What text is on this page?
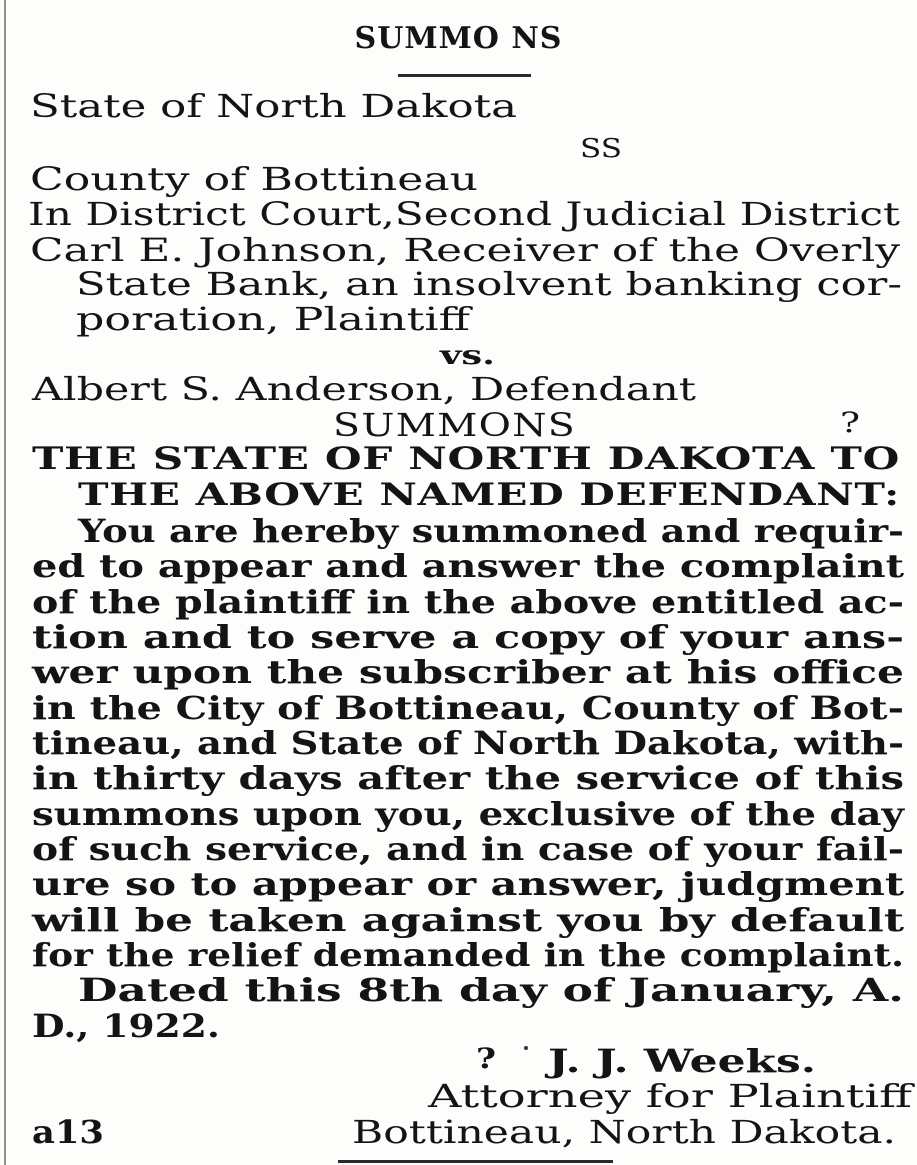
SUMMO NS
State of North Dakota
SS
County of Bottineau
In District Court,Second Judicial District
Carl E. Johnson, Receiver of the Overly
State Bank, an insolvent banking cor-
poration, Plaintiff
vs.
Albert S. Anderson, Defendant
SUMMONS	?
THE STATE OF NORTH DAKOTA TO
THE ABOVE NAMED DEFENDANT:
You are hereby summoned and requir-
ed to appear and answer the complaint
of the plaintiff in the above entitled ac-
tion and to serve a copy of your ans-
wer upon the subscriber at his office
in the City of Bottineau, County of Bot-
tineau, and State of North Dakota, with-
in thirty days after the service of this
summons upon you, exclusive of the day
of such service, and in case of your fail-
ure so to appear or answer, judgment
will be taken against you by default
for the relief demanded in the complaint.
Dated this 8th day of January, A.
D., 1922.
? J. J. Weeks.
Attorney for Plaintiff
a13	Bottineau, North Dakota.
